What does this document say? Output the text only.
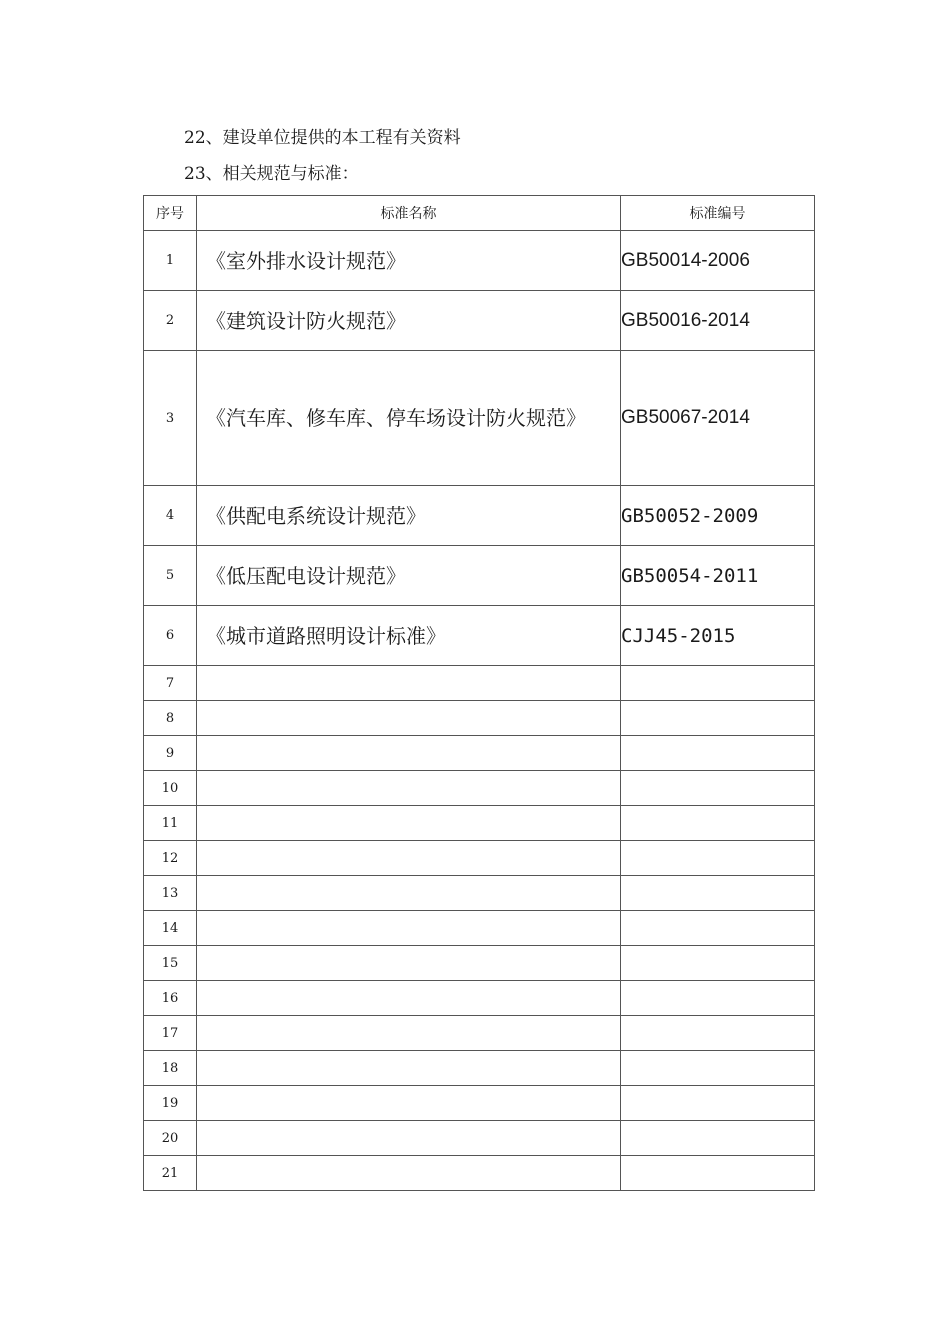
22、建设单位提供的本工程有关资料
23、相关规范与标准：
序号	标准名称	标准编号
1	《室外排水设计规范》	GB50014-2006
2	《建筑设计防火规范》	GB50016-2014
3	《汽车库、修车库、停车场设计防火规范》	GB50067-2014
4	《供配电系统设计规范》	GB50052-2009
5	《低压配电设计规范》	GB50054-2011
6	《城市道路照明设计标准》	CJJ45-2015
7		
8		
9		
10		
11		
12		
13		
14		
15		
16		
17		
18		
19		
20		
21		
